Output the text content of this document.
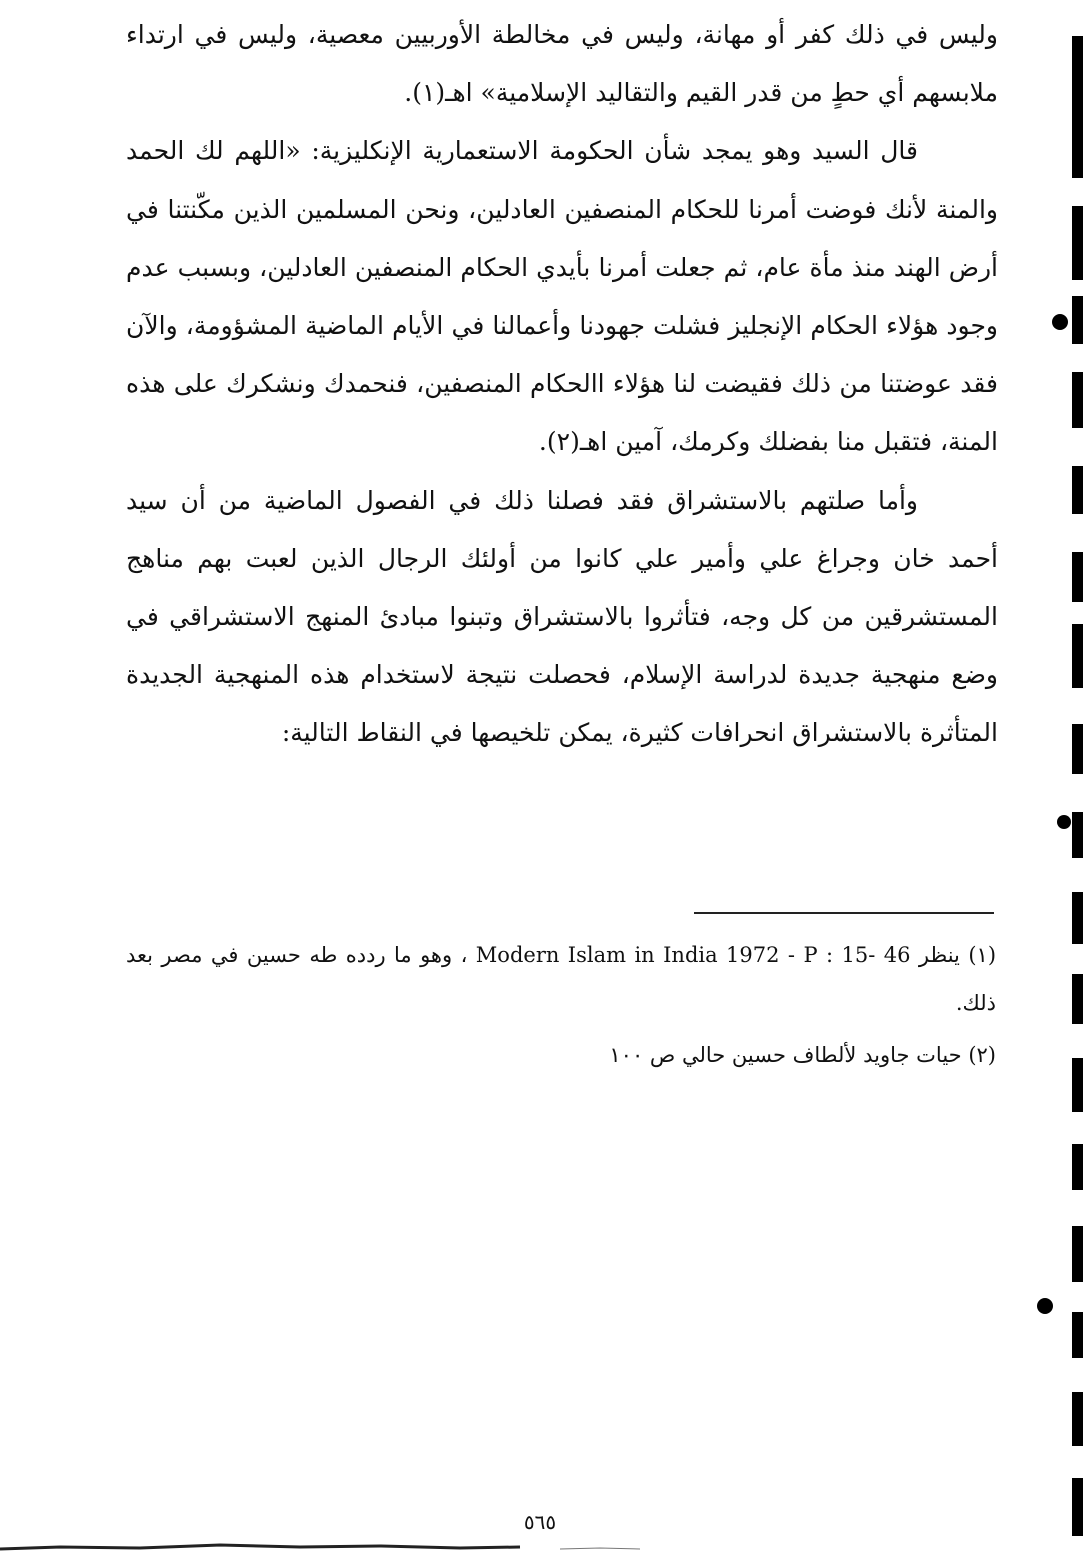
وليس في ذلك كفر أو مهانة، وليس في مخالطة الأوربيين معصية، وليس في ارتداء ملابسهم أي حطٍ من قدر القيم والتقاليد الإسلامية» اهـ(١).

قال السيد وهو يمجد شأن الحكومة الاستعمارية الإنكليزية: «اللهم لك الحمد والمنة لأنك فوضت أمرنا للحكام المنصفين العادلين، ونحن المسلمين الذين مكّنتنا في أرض الهند منذ مأة عام، ثم جعلت أمرنا بأيدي الحكام المنصفين العادلين، وبسبب عدم وجود هؤلاء الحكام الإنجليز فشلت جهودنا وأعمالنا في الأيام الماضية المشؤومة، والآن فقد عوضتنا من ذلك فقيضت لنا هؤلاء االحكام المنصفين، فنحمدك ونشكرك على هذه المنة، فتقبل منا بفضلك وكرمك، آمين اهـ(٢).

وأما صلتهم بالاستشراق فقد فصلنا ذلك في الفصول الماضية من أن سيد أحمد خان وجراغ علي وأمير علي كانوا من أولئك الرجال الذين لعبت بهم مناهج المستشرقين من كل وجه، فتأثروا بالاستشراق وتبنوا مبادئ المنهج الاستشراقي في وضع منهجية جديدة لدراسة الإسلام، فحصلت نتيجة لاستخدام هذه المنهجية الجديدة المتأثرة بالاستشراق انحرافات كثيرة، يمكن تلخيصها في النقاط التالية:

(١) ينظر Modern Islam in India 1972 - P : 15- 46 ، وهو ما ردده طه حسين في مصر بعد ذلك.

(٢) حيات جاويد لألطاف حسين حالي ص ١٠٠

٥٦٥
